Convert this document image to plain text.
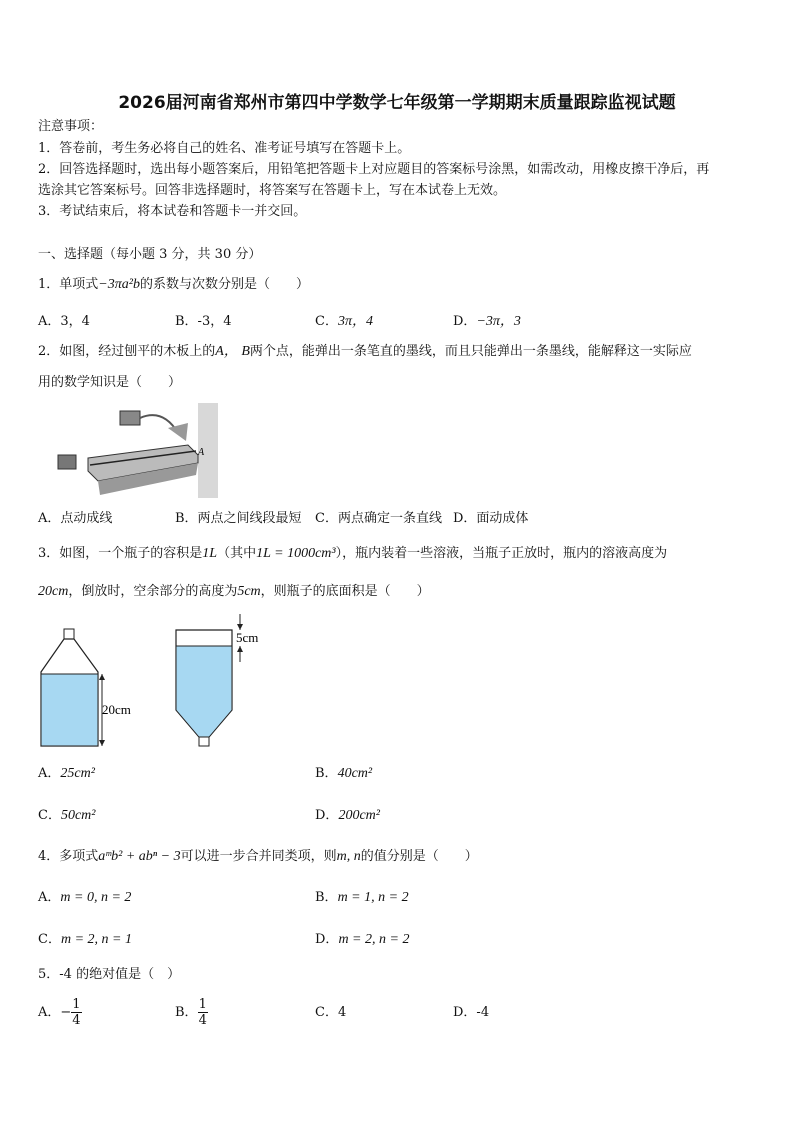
2026届河南省郑州市第四中学数学七年级第一学期期末质量跟踪监视试题
注意事项：
1．答卷前，考生务必将自己的姓名、准考证号填写在答题卡上。
2．回答选择题时，选出每小题答案后，用铅笔把答题卡上对应题目的答案标号涂黑，如需改动，用橡皮擦干净后，再
选涂其它答案标号。回答非选择题时，将答案写在答题卡上，写在本试卷上无效。
3．考试结束后，将本试卷和答题卡一并交回。
一、选择题（每小题 3 分，共 30 分）
1．单项式−3πa²b的系数与次数分别是（　　）
A．3，4	B．-3，4	C．3π，4	D．−3π，3
2．如图，经过刨平的木板上的A， B两个点，能弹出一条笔直的墨线，而且只能弹出一条墨线，能解释这一实际应
用的数学知识是（　　）
A
A．点动成线	B．两点之间线段最短 C．两点确定一条直线 D．面动成体
3．如图，一个瓶子的容积是1L（其中1L = 1000cm³），瓶内装着一些溶液，当瓶子正放时，瓶内的溶液高度为
20cm，倒放时，空余部分的高度为5cm，则瓶子的底面积是（　　）
20cm
5cm
A．25cm²	B．40cm²
C．50cm²	D．200cm²
4．多项式aᵐb² + abⁿ − 3可以进一步合并同类项，则m, n的值分别是（　　）
A．m = 0, n = 2	B．m = 1, n = 2
C．m = 2, n = 1	D．m = 2, n = 2
5．-4 的绝对值是（　）
A．− $\frac{1}{4}$	B． $\frac{1}{4}$	C．4	D．-4
